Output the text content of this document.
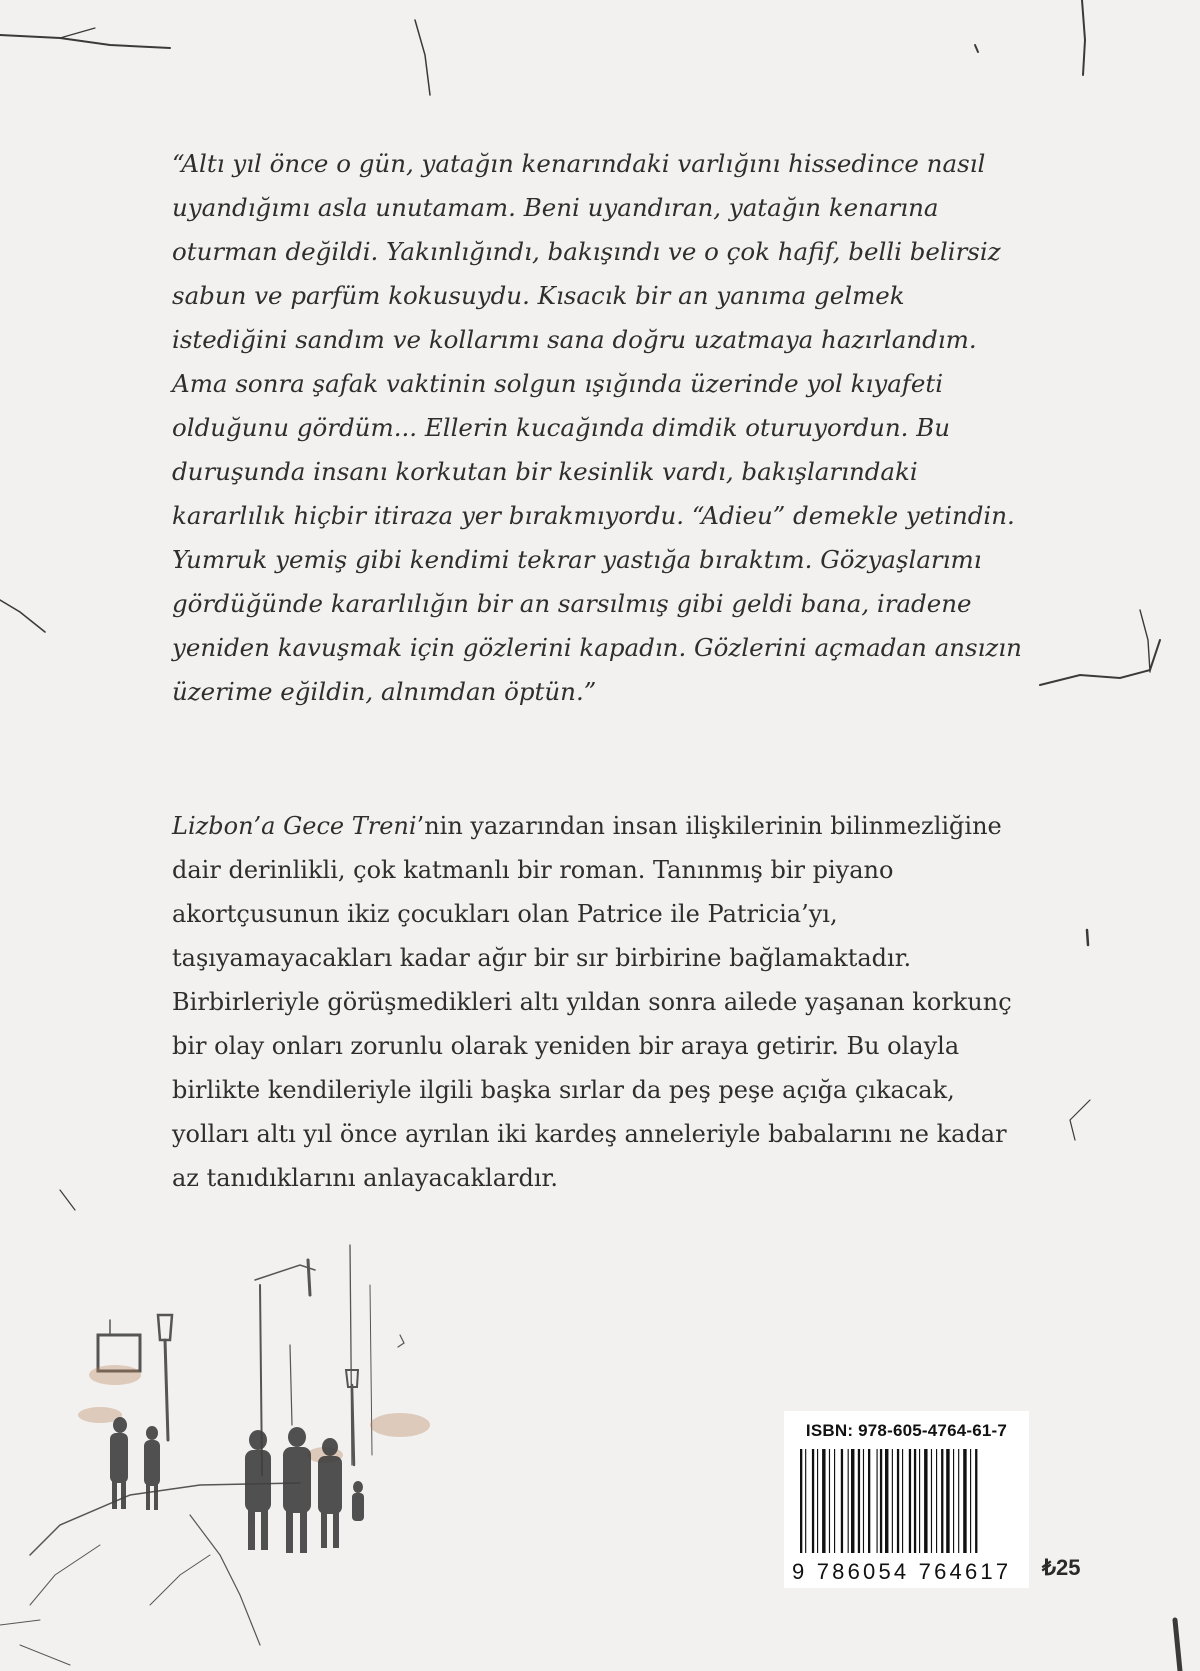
“Altı yıl önce o gün, yatağın kenarındaki varlığını hissedince nasıl uyandığımı asla unutamam. Beni uyandıran, yatağın kenarına oturman değildi. Yakınlığındı, bakışındı ve o çok hafif, belli belirsiz sabun ve parfüm kokusuydu. Kısacık bir an yanıma gelmek istediğini sandım ve kollarımı sana doğru uzatmaya hazırlandım. Ama sonra şafak vaktinin solgun ışığında üzerinde yol kıyafeti olduğunu gördüm... Ellerin kucağında dimdik oturuyordun. Bu duruşunda insanı korkutan bir kesinlik vardı, bakışlarındaki kararlılık hiçbir itiraza yer bırakmıyordu. “Adieu” demekle yetindin. Yumruk yemiş gibi kendimi tekrar yastığa bıraktım. Gözyaşlarımı gördüğünde kararlılığın bir an sarsılmış gibi geldi bana, iradene yeniden kavuşmak için gözlerini kapadın. Gözlerini açmadan ansızın üzerime eğildin, alnımdan öptün.”

Lizbon’a Gece Treni’nin yazarından insan ilişkilerinin bilinmezliğine dair derinlikli, çok katmanlı bir roman. Tanınmış bir piyano akortçusunun ikiz çocukları olan Patrice ile Patricia’yı, taşıyamayacakları kadar ağır bir sır birbirine bağlamaktadır. Birbirleriyle görüşmedikleri altı yıldan sonra ailede yaşanan korkunç bir olay onları zorunlu olarak yeniden bir araya getirir. Bu olayla birlikte kendileriyle ilgili başka sırlar da peş peşe açığa çıkacak, yolları altı yıl önce ayrılan iki kardeş anneleriyle babalarını ne kadar az tanıdıklarını anlayacaklardır.

ISBN: 978-605-4764-61-7
9 786054 764617	₺25
